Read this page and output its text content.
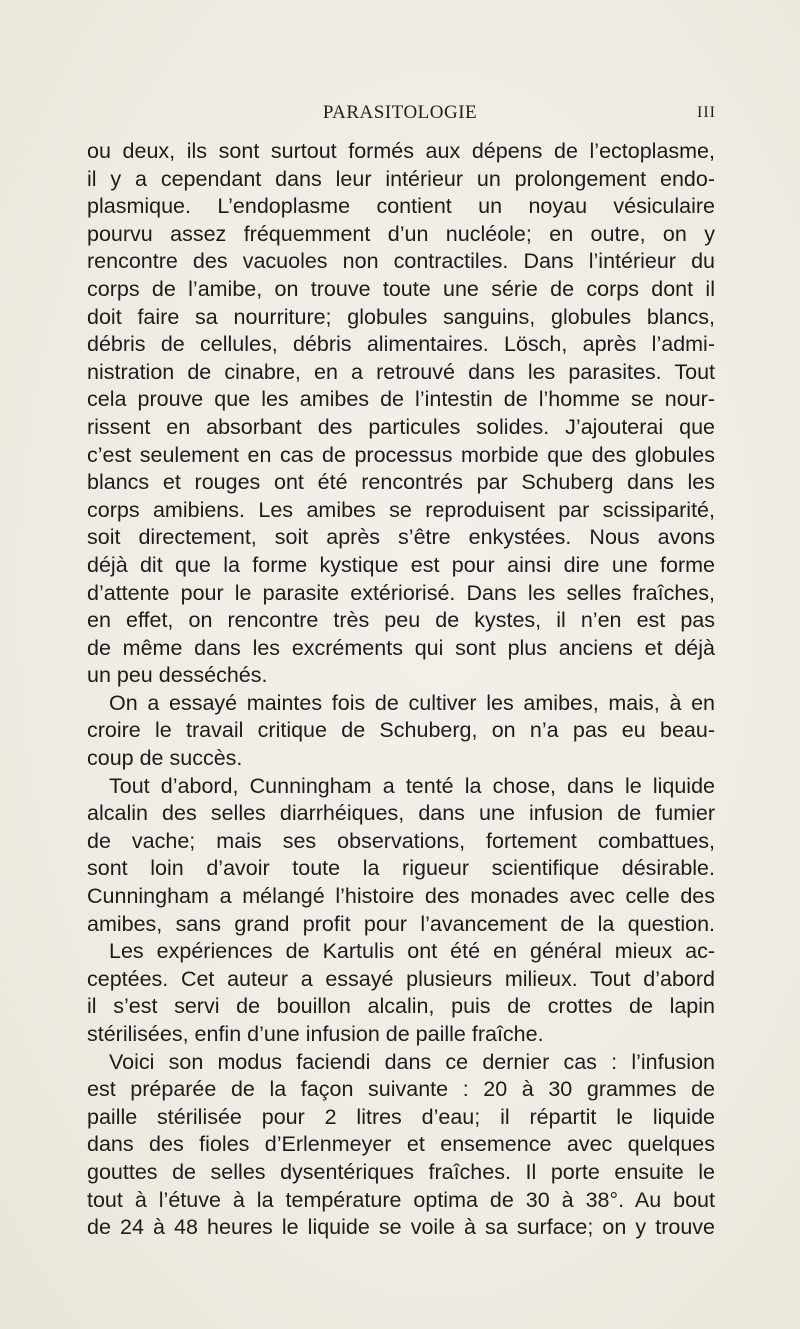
PARASITOLOGIE	III
ou deux, ils sont surtout formés aux dépens de l’ectoplasme,
il y a cependant dans leur intérieur un prolongement endo-
plasmique. L’endoplasme contient un noyau vésiculaire
pourvu assez fréquemment d’un nucléole; en outre, on y
rencontre des vacuoles non contractiles. Dans l’intérieur du
corps de l’amibe, on trouve toute une série de corps dont il
doit faire sa nourriture; globules sanguins, globules blancs,
débris de cellules, débris alimentaires. Lösch, après l’admi-
nistration de cinabre, en a retrouvé dans les parasites. Tout
cela prouve que les amibes de l’intestin de l’homme se nour-
rissent en absorbant des particules solides. J’ajouterai que
c’est seulement en cas de processus morbide que des globules
blancs et rouges ont été rencontrés par Schuberg dans les
corps amibiens. Les amibes se reproduisent par scissiparité,
soit directement, soit après s’être enkystées. Nous avons
déjà dit que la forme kystique est pour ainsi dire une forme
d’attente pour le parasite extériorisé. Dans les selles fraîches,
en effet, on rencontre très peu de kystes, il n’en est pas
de même dans les excréments qui sont plus anciens et déjà
un peu desséchés.
On a essayé maintes fois de cultiver les amibes, mais, à en
croire le travail critique de Schuberg, on n’a pas eu beau-
coup de succès.
Tout d’abord, Cunningham a tenté la chose, dans le liquide
alcalin des selles diarrhéiques, dans une infusion de fumier
de vache; mais ses observations, fortement combattues,
sont loin d’avoir toute la rigueur scientifique désirable.
Cunningham a mélangé l’histoire des monades avec celle des
amibes, sans grand profit pour l’avancement de la question.
Les expériences de Kartulis ont été en général mieux ac-
ceptées. Cet auteur a essayé plusieurs milieux. Tout d’abord
il s’est servi de bouillon alcalin, puis de crottes de lapin
stérilisées, enfin d’une infusion de paille fraîche.
Voici son modus faciendi dans ce dernier cas : l’infusion
est préparée de la façon suivante : 20 à 30 grammes de
paille stérilisée pour 2 litres d’eau; il répartit le liquide
dans des fioles d’Erlenmeyer et ensemence avec quelques
gouttes de selles dysentériques fraîches. Il porte ensuite le
tout à l’étuve à la température optima de 30 à 38°. Au bout
de 24 à 48 heures le liquide se voile à sa surface; on y trouve
